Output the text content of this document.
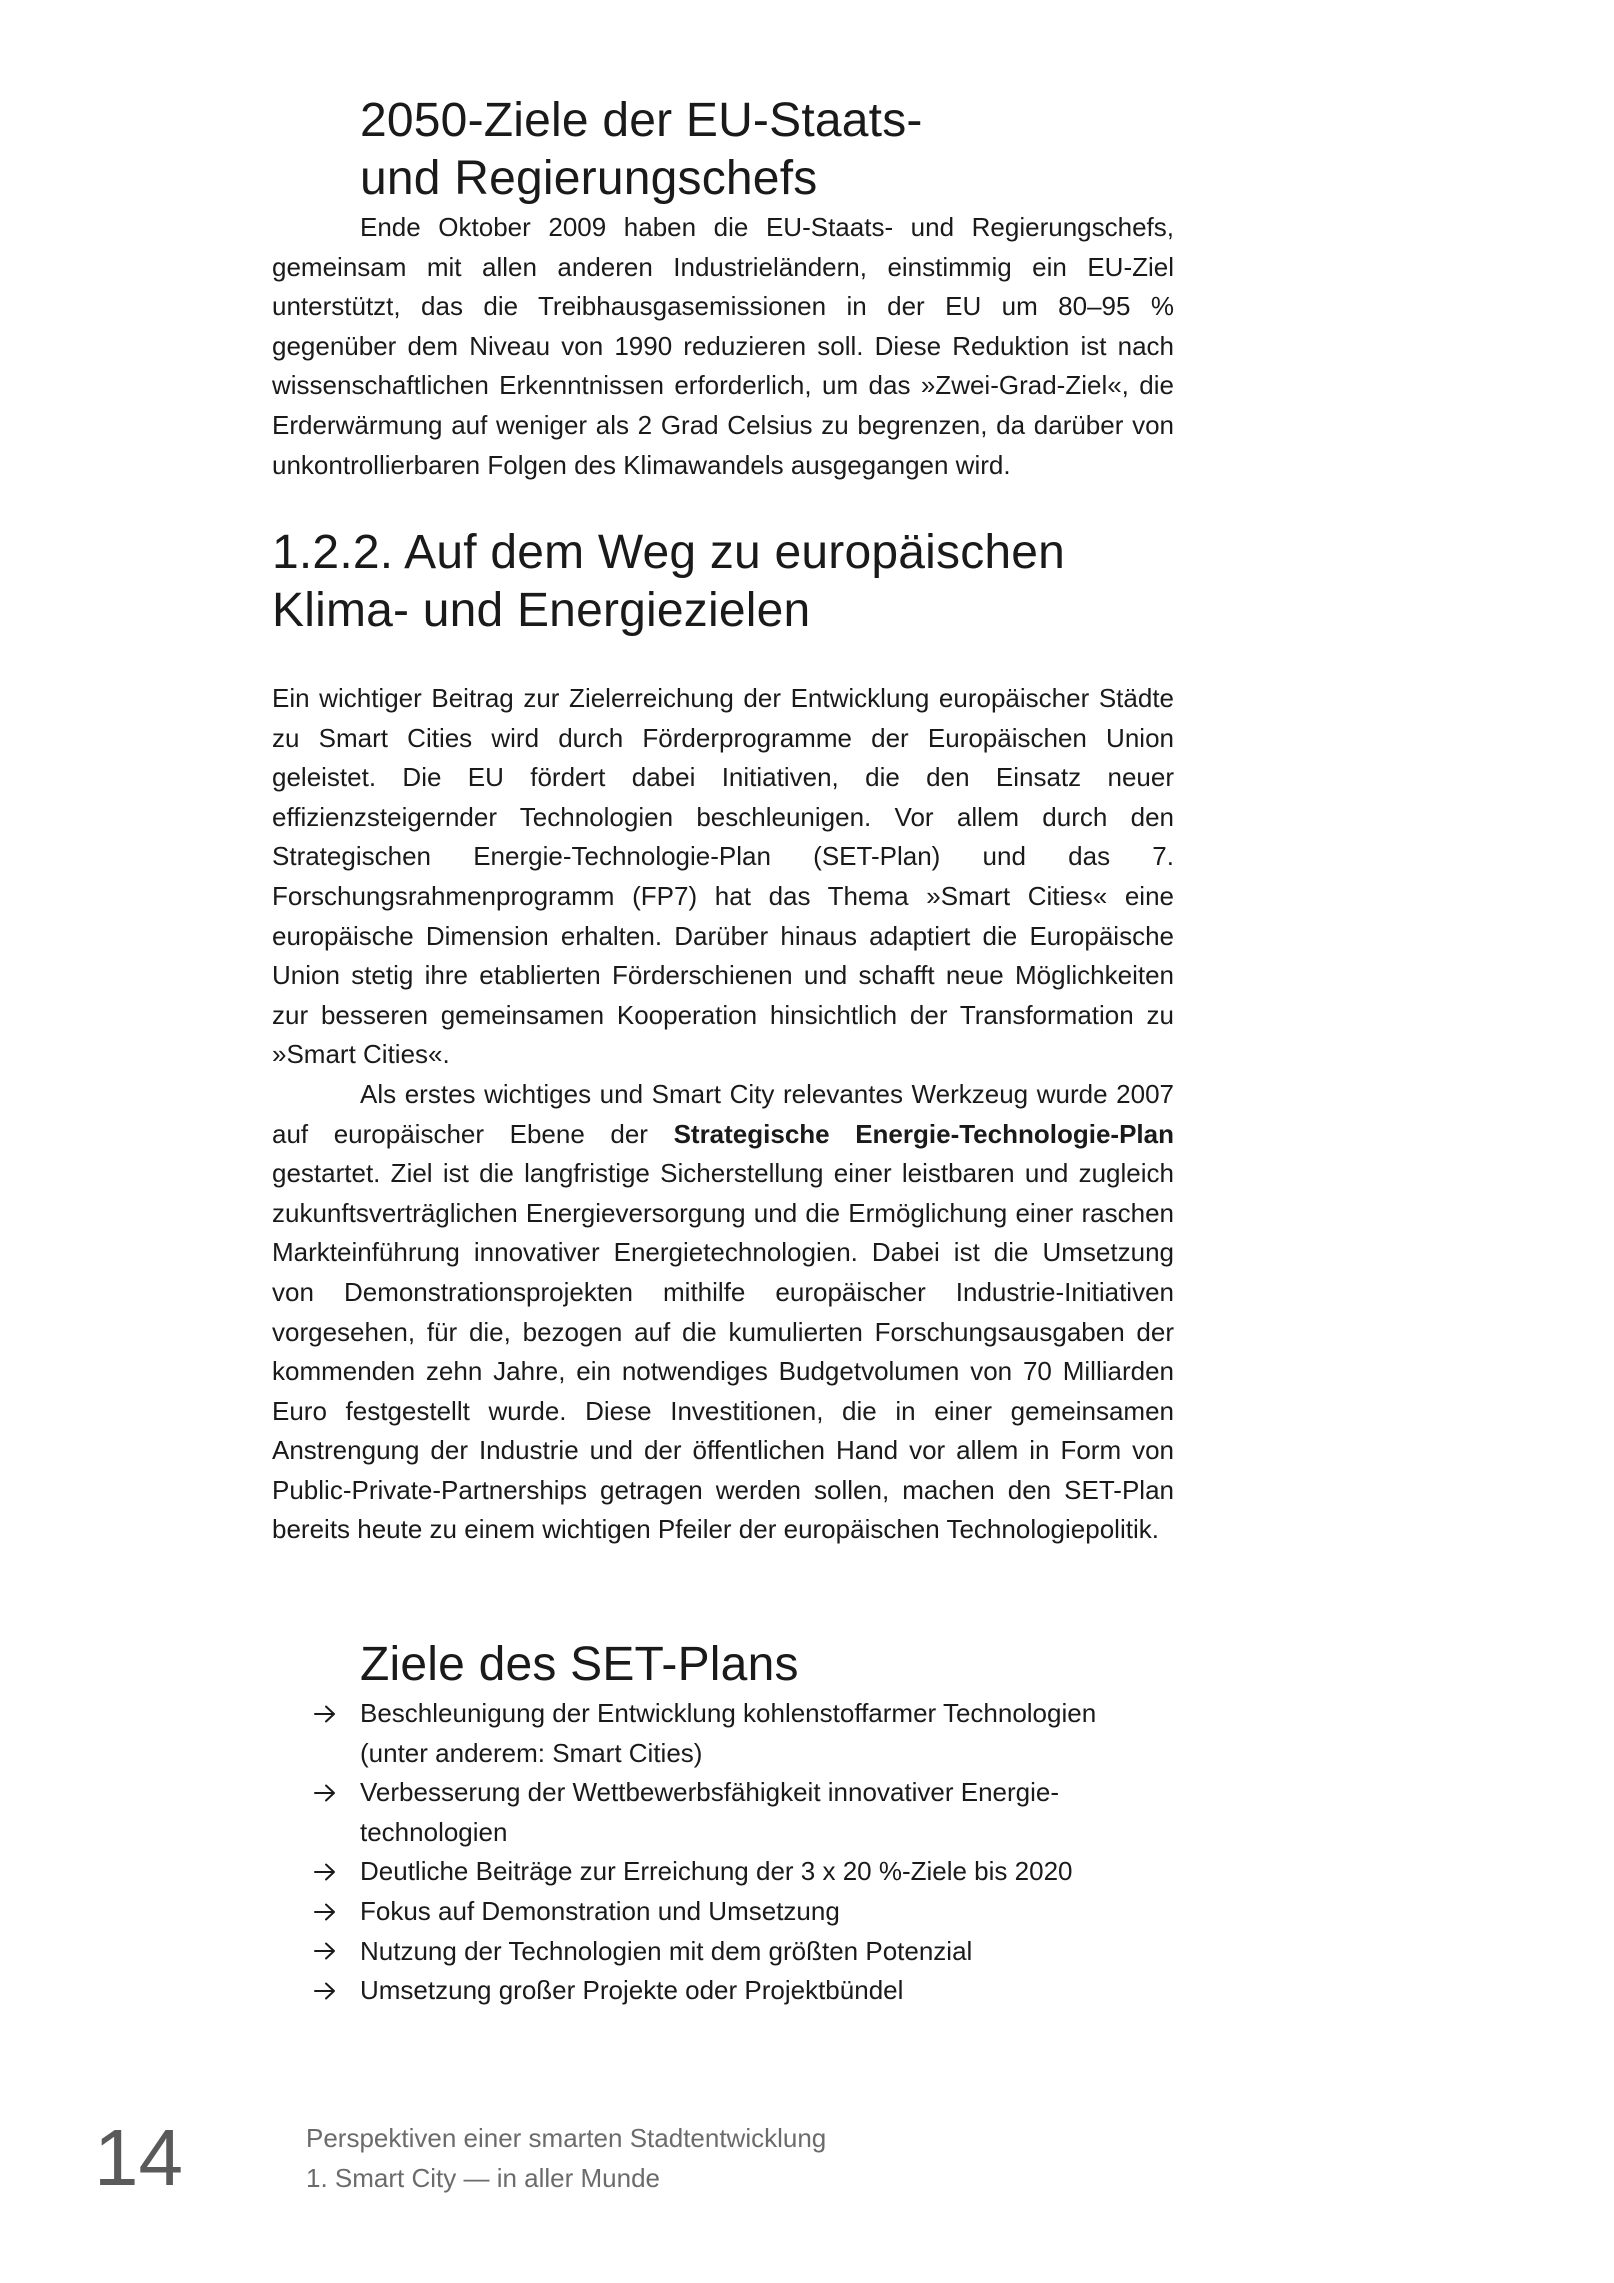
2050-Ziele der EU-Staats-
und Regierungschefs

Ende Oktober 2009 haben die EU-Staats- und Regierungschefs, gemeinsam mit allen anderen Industrieländern, einstimmig ein EU-Ziel unterstützt, das die Treibhausgasemissionen in der EU um 80–95 % gegenüber dem Niveau von 1990 reduzieren soll. Diese Reduktion ist nach wissenschaftlichen Erkenntnissen erforderlich, um das »Zwei-Grad-Ziel«, die Erderwärmung auf weniger als 2 Grad Celsius zu begrenzen, da darüber von unkontrollierbaren Folgen des Klimawandels ausgegangen wird.

1.2.2. Auf dem Weg zu europäischen
Klima- und Energiezielen

Ein wichtiger Beitrag zur Zielerreichung der Entwicklung europäischer Städte zu Smart Cities wird durch Förderprogramme der Europäischen Union geleistet. Die EU fördert dabei Initiativen, die den Einsatz neuer effizienzsteigernder Technologien beschleunigen. Vor allem durch den Strategischen Energie-Technologie-Plan (SET-Plan) und das 7. Forschungsrahmenprogramm (FP7) hat das Thema »Smart Cities« eine europäische Dimension erhalten. Darüber hinaus adaptiert die Europäische Union stetig ihre etablierten Förderschienen und schafft neue Möglichkeiten zur besseren gemeinsamen Kooperation hinsichtlich der Transformation zu »Smart Cities«.

Als erstes wichtiges und Smart City relevantes Werkzeug wurde 2007 auf europäischer Ebene der Strategische Energie-Technologie-Plan gestartet. Ziel ist die langfristige Sicherstellung einer leistbaren und zugleich zukunftsverträglichen Energieversorgung und die Ermöglichung einer raschen Markteinführung innovativer Energietechnologien. Dabei ist die Umsetzung von Demonstrationsprojekten mithilfe europäischer Industrie-Initiativen vorgesehen, für die, bezogen auf die kumulierten Forschungsausgaben der kommenden zehn Jahre, ein notwendiges Budgetvolumen von 70 Milliarden Euro festgestellt wurde. Diese Investitionen, die in einer gemeinsamen Anstrengung der Industrie und der öffentlichen Hand vor allem in Form von Public-Private-Partnerships getragen werden sollen, machen den SET-Plan bereits heute zu einem wichtigen Pfeiler der europäischen Technologiepolitik.

Ziele des SET-Plans
Beschleunigung der Entwicklung kohlenstoffarmer Technologien
(unter anderem: Smart Cities)
Verbesserung der Wettbewerbsfähigkeit innovativer Energie-
technologien
Deutliche Beiträge zur Erreichung der 3 x 20 %-Ziele bis 2020
Fokus auf Demonstration und Umsetzung
Nutzung der Technologien mit dem größten Potenzial
Umsetzung großer Projekte oder Projektbündel
14	Perspektiven einer smarten Stadtentwicklung
1. Smart City — in aller Munde
